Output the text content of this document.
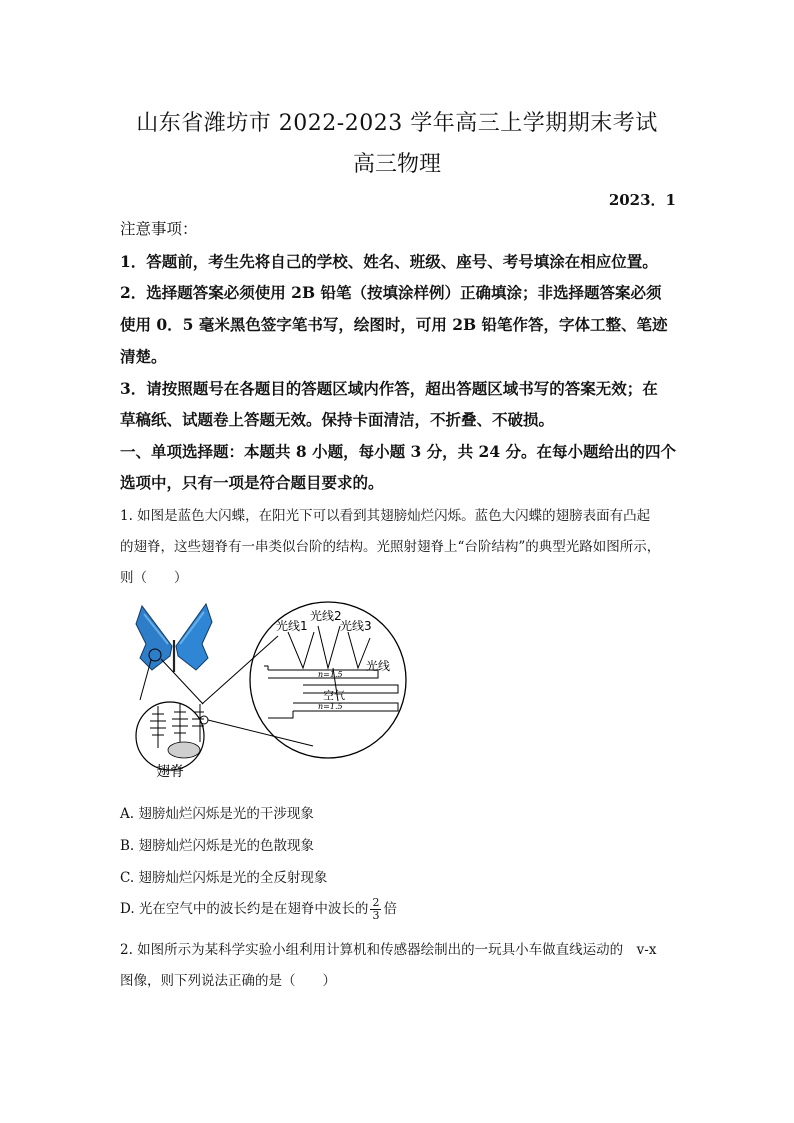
山东省潍坊市 2022-2023 学年高三上学期期末考试
高三物理
2023．1
注意事项：
1．答题前，考生先将自己的学校、姓名、班级、座号、考号填涂在相应位置。
2．选择题答案必须使用 2B 铅笔（按填涂样例）正确填涂；非选择题答案必须
使用 0．5 毫米黑色签字笔书写，绘图时，可用 2B 铅笔作答，字体工整、笔迹
清楚。
3．请按照题号在各题目的答题区域内作答，超出答题区域书写的答案无效；在
草稿纸、试题卷上答题无效。保持卡面清洁，不折叠、不破损。
一、单项选择题：本题共 8 小题，每小题 3 分，共 24 分。在每小题给出的四个
选项中，只有一项是符合题目要求的。
1. 如图是蓝色大闪蝶，在阳光下可以看到其翅膀灿烂闪烁。蓝色大闪蝶的翅膀表面有凸起
的翅脊，这些翅脊有一串类似台阶的结构。光照射翅脊上“台阶结构”的典型光路如图所示，
则（　　）
翅脊
光线1
光线2
光线3
光线
n=1.5
空气
n=1.5
A. 翅膀灿烂闪烁是光的干涉现象
B. 翅膀灿烂闪烁是光的色散现象
C. 翅膀灿烂闪烁是光的全反射现象
D. 光在空气中的波长约是在翅脊中波长的 $\frac{2}{3}$ 倍
2. 如图所示为某科学实验小组利用计算机和传感器绘制出的一玩具小车做直线运动的　v-x
图像，则下列说法正确的是（　　）
